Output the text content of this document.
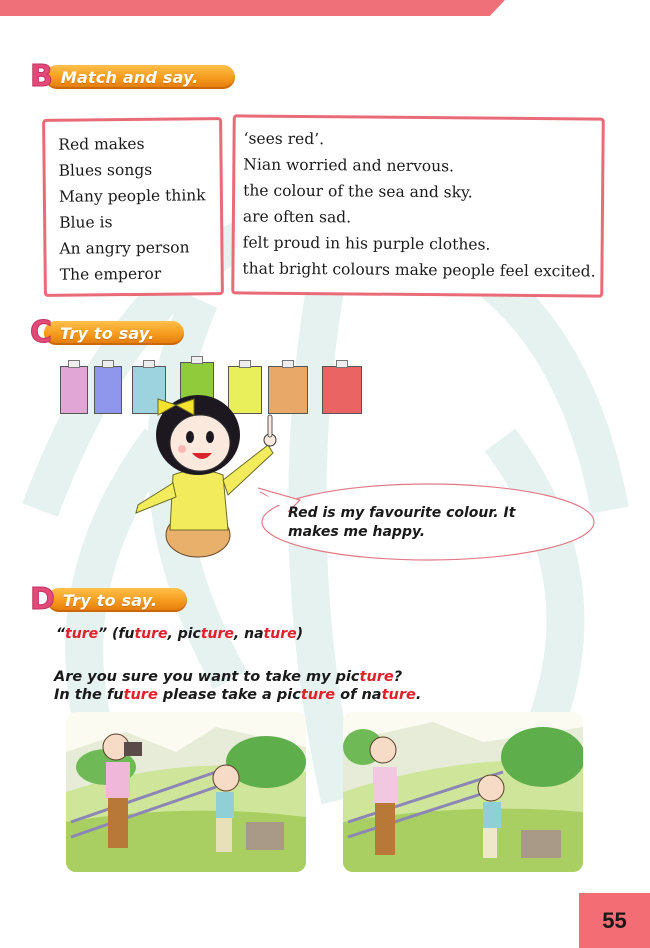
B Match and say.
Red makes
Blues songs
Many people think
Blue is
An angry person
The emperor
‘sees red’.
Nian worried and nervous.
the colour of the sea and sky.
are often sad.
felt proud in his purple clothes.
that bright colours make people feel excited.
C Try to say.
Red is my favourite colour. It makes me happy.
D Try to say.
“ture” (future, picture, nature)
Are you sure you want to take my picture?
In the future please take a picture of nature.
55
